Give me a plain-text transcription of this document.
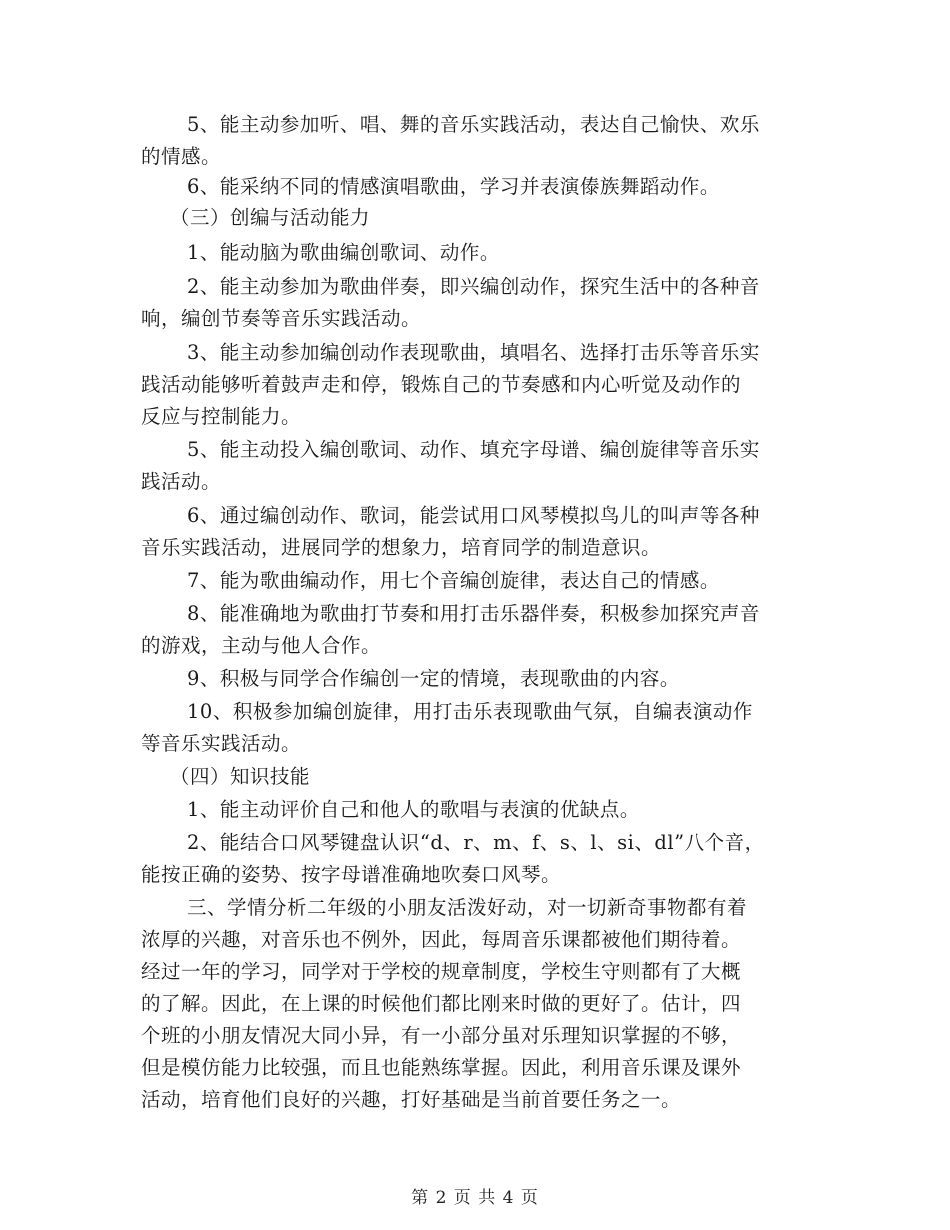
5、能主动参加听、唱、舞的音乐实践活动，表达自己愉快、欢乐
的情感。
6、能采纳不同的情感演唱歌曲，学习并表演傣族舞蹈动作。
（三）创编与活动能力
1、能动脑为歌曲编创歌词、动作。
2、能主动参加为歌曲伴奏，即兴编创动作，探究生活中的各种音
响，编创节奏等音乐实践活动。
3、能主动参加编创动作表现歌曲，填唱名、选择打击乐等音乐实
践活动能够听着鼓声走和停，锻炼自己的节奏感和内心听觉及动作的
反应与控制能力。
5、能主动投入编创歌词、动作、填充字母谱、编创旋律等音乐实
践活动。
6、通过编创动作、歌词，能尝试用口风琴模拟鸟儿的叫声等各种
音乐实践活动，进展同学的想象力，培育同学的制造意识。
7、能为歌曲编动作，用七个音编创旋律，表达自己的情感。
8、能准确地为歌曲打节奏和用打击乐器伴奏，积极参加探究声音
的游戏，主动与他人合作。
9、积极与同学合作编创一定的情境，表现歌曲的内容。
10、积极参加编创旋律，用打击乐表现歌曲气氛，自编表演动作
等音乐实践活动。
（四）知识技能
1、能主动评价自己和他人的歌唱与表演的优缺点。
2、能结合口风琴键盘认识“d、r、m、f、s、l、si、dl”八个音，
能按正确的姿势、按字母谱准确地吹奏口风琴。
三、学情分析二年级的小朋友活泼好动，对一切新奇事物都有着
浓厚的兴趣，对音乐也不例外，因此，每周音乐课都被他们期待着。
经过一年的学习，同学对于学校的规章制度，学校生守则都有了大概
的了解。因此，在上课的时候他们都比刚来时做的更好了。估计，四
个班的小朋友情况大同小异，有一小部分虽对乐理知识掌握的不够，
但是模仿能力比较强，而且也能熟练掌握。因此，利用音乐课及课外
活动，培育他们良好的兴趣，打好基础是当前首要任务之一。
第 2 页 共 4 页
